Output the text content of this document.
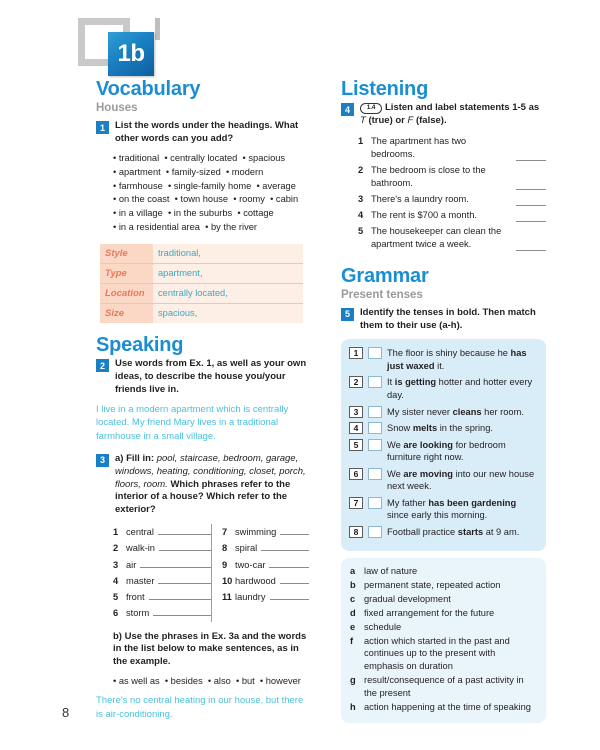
1b
Vocabulary
Houses
1	List the words under the headings. What other words can you add?
• traditional • centrally located • spacious
• apartment • family-sized • modern
• farmhouse • single-family home • average
• on the coast • town house • roomy • cabin
• in a village • in the suburbs • cottage
• in a residential area • by the river
Style	traditional,
Type	apartment,
Location	centrally located,
Size	spacious,
Speaking
2	Use words from Ex. 1, as well as your own ideas, to describe the house you/your friends live in.

I live in a modern apartment which is centrally located. My friend Mary lives in a traditional farmhouse in a small village.

3	a) Fill in: pool, staircase, bedroom, garage, windows, heating, conditioning, closet, porch, floors, room. Which phrases refer to the interior of a house? Which refer to the exterior?
1 central
2 walk-in
3 air
4 master
5 front
6 storm
7 swimming
8 spiral
9 two-car
10 hardwood
11 laundry
b) Use the phrases in Ex. 3a and the words in the list below to make sentences, as in the example.
• as well as • besides • also • but • however

There's no central heating in our house, but there is air-conditioning.

Listening
4	1.4 Listen and label statements 1-5 as T (true) or F (false).
1 The apartment has two bedrooms.
2 The bedroom is close to the bathroom.
3 There's a laundry room.
4 The rent is $700 a month.
5 The housekeeper can clean the apartment twice a week.
Grammar
Present tenses
5	Identify the tenses in bold. Then match them to their use (a-h).
1	The floor is shiny because he has just waxed it.
2	It is getting hotter and hotter every day.
3	My sister never cleans her room.
4	Snow melts in the spring.
5	We are looking for bedroom furniture right now.
6	We are moving into our new house next week.
7	My father has been gardening since early this morning.
8	Football practice starts at 9 am.
a law of nature
b permanent state, repeated action
c gradual development
d fixed arrangement for the future
e schedule
f	action which started in the past and continues up to the present with emphasis on duration
g result/consequence of a past activity in the present
h action happening at the time of speaking
8
